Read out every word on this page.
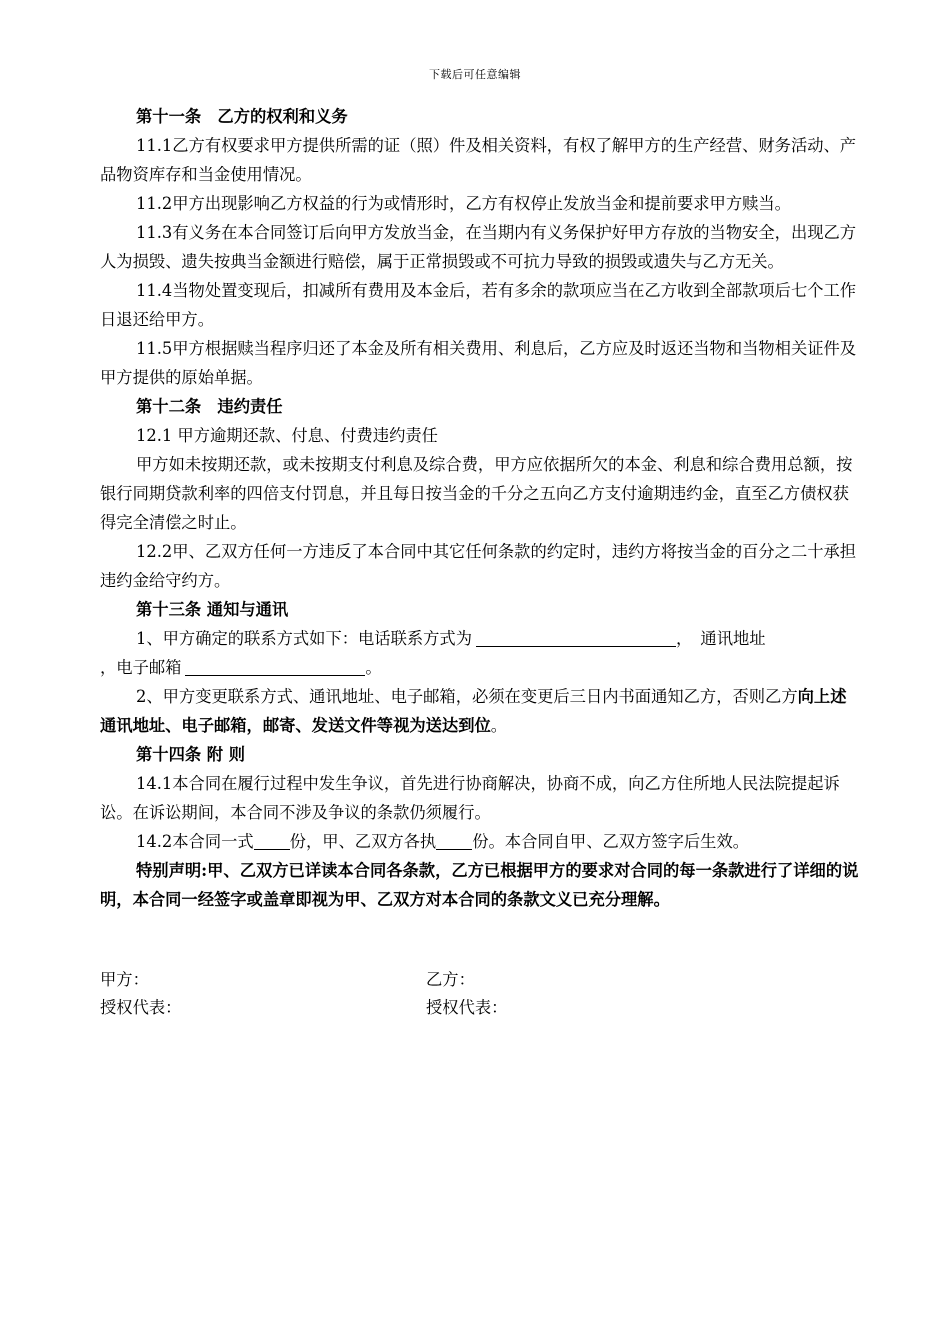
下载后可任意编辑

第十一条　乙方的权利和义务

11.1乙方有权要求甲方提供所需的证（照）件及相关资料，有权了解甲方的生产经营、财务活动、产品物资库存和当金使用情况。

11.2甲方出现影响乙方权益的行为或情形时，乙方有权停止发放当金和提前要求甲方赎当。

11.3有义务在本合同签订后向甲方发放当金，在当期内有义务保护好甲方存放的当物安全，出现乙方人为损毁、遗失按典当金额进行赔偿，属于正常损毁或不可抗力导致的损毁或遗失与乙方无关。

11.4当物处置变现后，扣减所有费用及本金后，若有多余的款项应当在乙方收到全部款项后七个工作日退还给甲方。

11.5甲方根据赎当程序归还了本金及所有相关费用、利息后，乙方应及时返还当物和当物相关证件及甲方提供的原始单据。

第十二条　违约责任

12.1 甲方逾期还款、付息、付费违约责任

甲方如未按期还款，或未按期支付利息及综合费，甲方应依据所欠的本金、利息和综合费用总额，按银行同期贷款利率的四倍支付罚息，并且每日按当金的千分之五向乙方支付逾期违约金，直至乙方债权获得完全清偿之时止。

12.2甲、乙双方任何一方违反了本合同中其它任何条款的约定时，违约方将按当金的百分之二十承担违约金给守约方。

第十三条 通知与通讯

1、甲方确定的联系方式如下：电话联系方式为	，　通讯地址

，电子邮箱	。

2、甲方变更联系方式、通讯地址、电子邮箱，必须在变更后三日内书面通知乙方，否则乙方向上述通讯地址、电子邮箱，邮寄、发送文件等视为送达到位。

第十四条 附 则

14.1本合同在履行过程中发生争议，首先进行协商解决，协商不成，向乙方住所地人民法院提起诉讼。在诉讼期间，本合同不涉及争议的条款仍须履行。

14.2本合同一式 份，甲、乙双方各执 份。本合同自甲、乙双方签字后生效。

特别声明:甲、乙双方已详读本合同各条款，乙方已根据甲方的要求对合同的每一条款进行了详细的说明，本合同一经签字或盖章即视为甲、乙双方对本合同的条款文义已充分理解。

甲方：	乙方：
授权代表：	授权代表：
